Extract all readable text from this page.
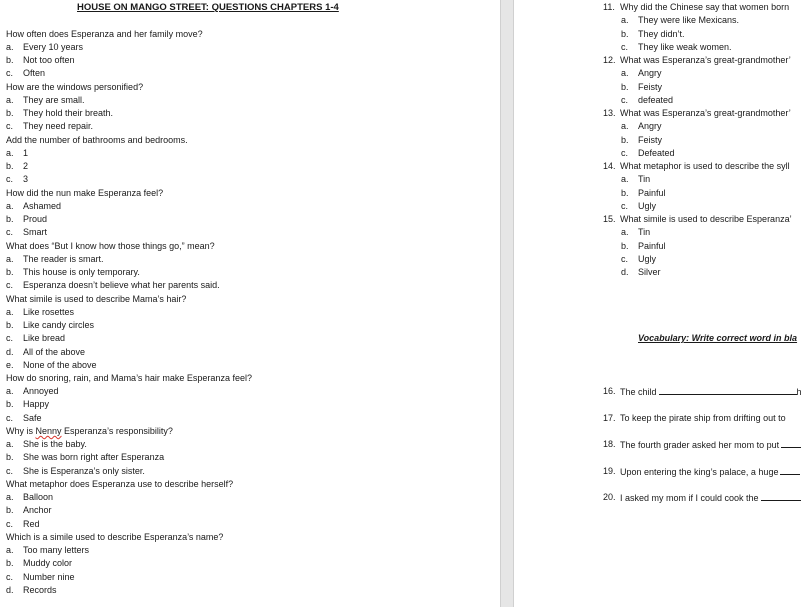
HOUSE ON MANGO STREET: QUESTIONS CHAPTERS 1-4
How often does Esperanza and her family move?
a. Every 10 years
b. Not too often
c. Often
How are the windows personified?
a. They are small.
b. They hold their breath.
c. They need repair.
Add the number of bathrooms and bedrooms.
a. 1
b. 2
c. 3
How did the nun make Esperanza feel?
a. Ashamed
b. Proud
c. Smart
What does “But I know how those things go,” mean?
a. The reader is smart.
b. This house is only temporary.
c. Esperanza doesn’t believe what her parents said.
What simile is used to describe Mama’s hair?
a. Like rosettes
b. Like candy circles
c. Like bread
d. All of the above
e. None of the above
How do snoring, rain, and Mama’s hair make Esperanza feel?
a. Annoyed
b. Happy
c. Safe
Why is Nenny Esperanza’s responsibility?
a. She is the baby.
b. She was born right after Esperanza
c. She is Esperanza’s only sister.
What metaphor does Esperanza use to describe herself?
a. Balloon
b. Anchor
c. Red
Which is a simile used to describe Esperanza’s name?
a. Too many letters
b. Muddy color
c. Number nine
d. Records
11. Why did the Chinese say that women born
a. They were like Mexicans.
b. They didn’t.
c. They like weak women.
12. What was Esperanza’s great-grandmother’
a. Angry
b. Feisty
c. defeated
13. What was Esperanza’s great-grandmother’
a. Angry
b. Feisty
c. Defeated
14. What metaphor is used to describe the syll
a. Tin
b. Painful
c. Ugly
15. What simile is used to describe Esperanza’
a. Tin
b. Painful
c. Ugly
d. Silver
Vocabulary: Write correct word in bla
16. The child	h
17. To keep the pirate ship from drifting out to
18. The fourth grader asked her mom to put
19. Upon entering the king’s palace, a huge
20. I asked my mom if I could cook the
